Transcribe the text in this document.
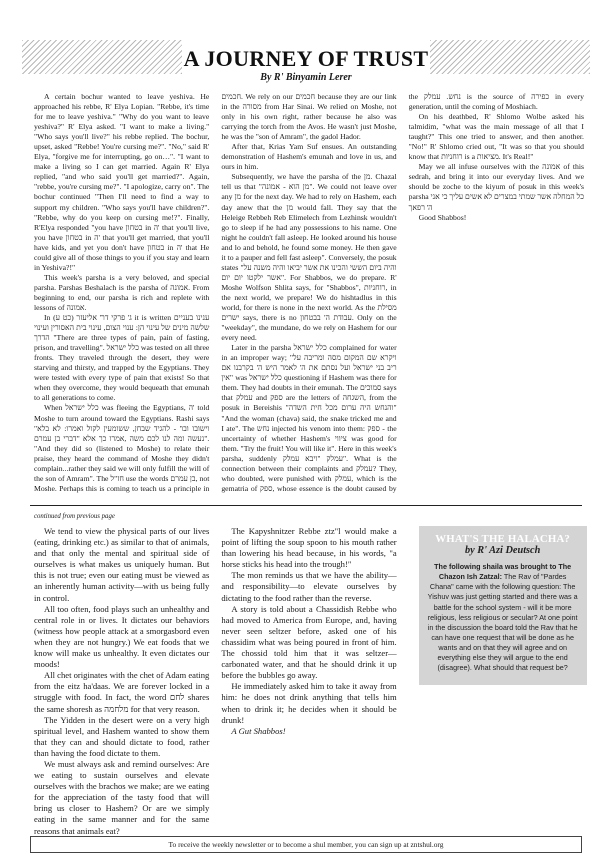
A JOURNEY OF TRUST
By R' Binyamin Lerer

A certain bochur wanted to leave yeshiva. He approached his rebbe, R' Elya Lopian. "Rebbe, it's time for me to leave yeshiva." "Why do you want to leave yeshiva?" R' Elya asked. "I want to make a living." "Who says you'll live?" his rebbe replied. The bochur, upset, asked "Rebbe! You're cursing me?". "No," said R' Elya, "forgive me for interrupting, go on…". "I want to make a living so I can get married. Again R' Elya replied, "and who said you'll get married?". Again, "rebbe, you're cursing me?". "I apologize, carry on". The bochur continued "Then I'll need to find a way to support my children. "Who says you'll have children?". "Rebbe, why do you keep on cursing me!?". Finally, R'Elya responded "you have בטחון in ה' that you'll live, you have בטחון in ה' that you'll get married, that you'll have kids, and yet you don't have בטחון in ה' that He could give all of those things to you if you stay and learn in Yeshiva?!"

This week's parsha is a very beloved, and special parsha. Parshas Beshalach is the parsha of אמונה. From beginning to end, our parsha is rich and replete with lessons of אמונה.

In ג' פרקי דר' אליעזר (כט ע) it is written ענינו בעניים שלשה מינים של עינוי הן: ענוי הצום, עינוי בית האסורין ועינוי הדרך "There are three types of pain, pain of fasting, prison, and travelling". כלל ישראל was tested on all three fronts. They traveled through the desert, they were starving and thirsty, and trapped by the Egyptians. They were tested with every type of pain that exists! So that when they overcome, they would bequeath that emunah to all generations to come.

When כלל ישראל was fleeing the Egyptians, ה' told Moshe to turn around toward the Egyptians. Rashi says "וישובו ובו' - להגיד שבחן, ששומעין לקול ואמרו: לא בלא נעשה ומה לנו לכם משה ,אמרו כך אלא "דברי בן עמרם". "And they did so (listened to Moshe) to relate their praise, they heard the command of Moshe they didn't complain...rather they said we will only fulfill the will of the son of Amram". The חז"ל use the words בן עמרם, not Moshe. Perhaps this is coming to teach us a principle in חכמים. We rely on our חכמים because they are our link in the מסורה from Har Sinai. We relied on Moshe, not only in his own right, rather because he also was carrying the torch from the Avos. He wasn't just Moshe, he was the "son of Amram", the gadol Hador.

After that, Krias Yam Suf ensues. An outstanding demonstration of Hashem's emunah and love in us, and ours in him.

Subsequently, we have the parsha of the מן. Chazal tell us that "מן הוא - אמונה". We could not leave over any מן for the next day. We had to rely on Hashem, each day anew that the מן would fall. They say that the Heleige Rebbeh Reb Elimelech from Lezhinsk wouldn't go to sleep if he had any possessions to his name. One night he couldn't fall asleep. He looked around his house and lo and behold, he found some money. He then gave it to a pauper and fell fast asleep". Conversely, the posuk states "והיה ביום הששי והכינו את אשר יביאו והיה משנה על אשר ילקטו יום יום". For Shabbos, we do prepare. R' Moshe Wolfson Shlita says, for "Shabbos", רוחניות, in the next world, we prepare! We do hishtadlus in this world, for there is none in the next world. As the מסילת ישרים says, there is no עבודת ה' בבטחון. Only on the "weekday", the mundane, do we rely on Hashem for our every need.

Later in the parsha כלל ישראל complained for water in an improper way; "ויקרא שם המקום מסה ומריבה על ריב בני ישראל ועל נסתם את ה' לאמר היש ה' בקרבנו אם אין" was כלל ישראל questioning if Hashem was there for them. They had doubts in their emunah. The סמוכים says that עמלק and ספק are the letters of השגחה, from the posuk in Bereishis "והנחש היה ערום מכל חית השדה" "And the woman (chava) said, the snake tricked me and I ate". The נחש injected his venom into them: ספק - the uncertainty of whether Hashem's ציווי was good for them. "Try the fruit! You will like it". Here in this week's parsha, suddenly עמלק "ויבא עמלק". What is the connection between their complaints and עמלק? They, who doubted, were punished with עמלק, which is the gematria of ספק, whose essence is the doubt caused by the נחש. עמלק is the source of כפירה in every generation, until the coming of Moshiach.

On his deathbed, R' Shlomo Wolbe asked his talmidim, "what was the main message of all that I taught?" This one tried to answer, and then another. "No!" R' Shlomo cried out, "It was so that you should know that רוחניות is a מציאות. It's Real!"

May we all infuse ourselves with the אמונה of this sedrah, and bring it into our everyday lives. And we should be zoche to the kiyum of posuk in this week's parsha כל המחלה אשר שמתי במצרים לא אשים עליך כי אני ה' רפאך

Good Shabbos!

continued from previous page

We tend to view the physical parts of our lives (eating, drinking etc.) as similar to that of animals, and that only the mental and spiritual side of ourselves is what makes us uniquely human. But this is not true; even our eating must be viewed as an inherently human activity—with us being fully in control.

All too often, food plays such an unhealthy and central role in or lives. It dictates our behaviors (witness how people attack at a smorgasbord even when they are not hungry.) We eat foods that we know will make us unhealthy. It even dictates our moods!

All chet originates with the chet of Adam eating from the eitz ha'daas. We are forever locked in a struggle with food. In fact, the word לחם shares the same shoresh as מלחמה for that very reason.

The Yidden in the desert were on a very high spiritual level, and Hashem wanted to show them that they can and should dictate to food, rather than having the food dictate to them.

We must always ask and remind ourselves: Are we eating to sustain ourselves and elevate ourselves with the brachos we make; are we eating for the appreciation of the tasty food that will bring us closer to Hashem? Or are we simply eating in the same manner and for the same reasons that animals eat?

The Kapyshnitzer Rebbe ztz"l would make a point of lifting the soup spoon to his mouth rather than lowering his head because, in his words, "a horse sticks his head into the trough!"

The mon reminds us that we have the ability—and responsibility—to elevate ourselves by dictating to the food rather than the reverse.

A story is told about a Chassidish Rebbe who had moved to America from Europe, and, having never seen seltzer before, asked one of his chassidim what was being poured in front of him. The chossid told him that it was seltzer—carbonated water, and that he should drink it up before the bubbles go away.

He immediately asked him to take it away from him: he does not drink anything that tells him when to drink it; he decides when it should be drunk!

A Gut Shabbos!

WHAT'S THE HALACHA?
by R' Azi Deutsch

The following shaila was brought to The Chazon Ish Zatzal: The Rav of "Pardes Chana" came with the following question: The Yishuv was just getting started and there was a battle for the school system - will it be more religious, less religious or secular? At one point in the discussion the board told the Rav that he can have one request that will be done as he wants and on that they will agree and on everything else they will argue to the end (disagree). What should that request be?

To receive the weekly newsletter or to become a shul member, you can sign up at zntshul.org
